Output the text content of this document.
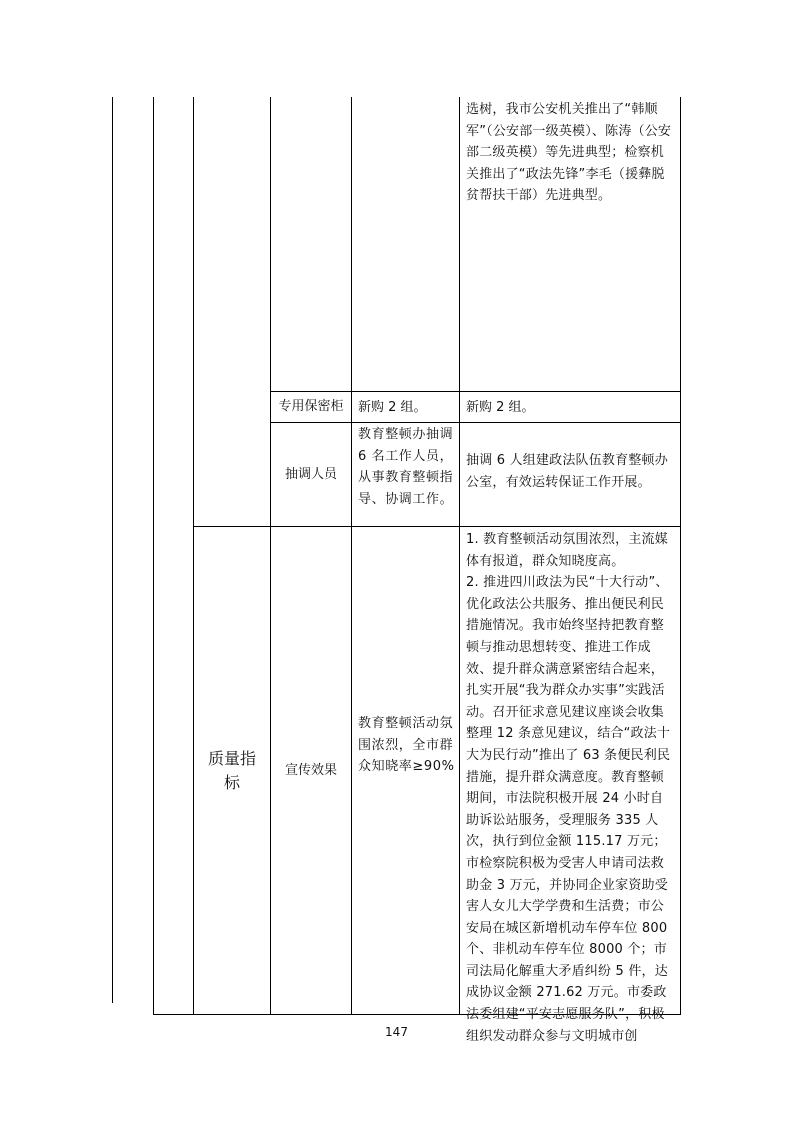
选树，我市公安机关推出了“韩顺军”（公安部一级英模）、陈涛（公安部二级英模）等先进典型；检察机关推出了“政法先锋”李毛（援彝脱贫帮扶干部）先进典型。
专用保密柜	新购 2 组。	新购 2 组。
抽调人员
教育整顿办抽调 6 名工作人员，从事教育整顿指导、协调工作。
抽调 6 人组建政法队伍教育整顿办公室，有效运转保证工作开展。
质量指
标
宣传效果
教育整顿活动氛围浓烈，全市群众知晓率≥90%
1. 教育整顿活动氛围浓烈，主流媒体有报道，群众知晓度高。
2. 推进四川政法为民“十大行动”、优化政法公共服务、推出便民利民措施情况。我市始终坚持把教育整顿与推动思想转变、推进工作成效、提升群众满意紧密结合起来，扎实开展“我为群众办实事”实践活动。召开征求意见建议座谈会收集整理 12 条意见建议，结合“政法十大为民行动”推出了 63 条便民利民措施，提升群众满意度。教育整顿期间，市法院积极开展 24 小时自助诉讼站服务，受理服务 335 人次，执行到位金额 115.17 万元；市检察院积极为受害人申请司法救助金 3 万元，并协同企业家资助受害人女儿大学学费和生活费；市公安局在城区新增机动车停车位 800 个、非机动车停车位 8000 个；市司法局化解重大矛盾纠纷 5 件，达成协议金额 271.62 万元。市委政法委组建“平安志愿服务队”，积极组织发动群众参与文明城市创
147
